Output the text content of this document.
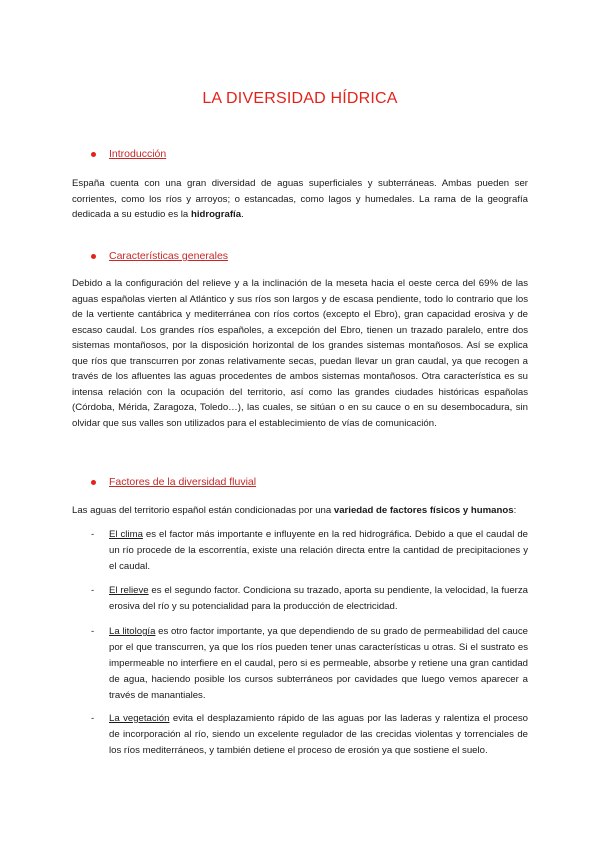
LA DIVERSIDAD HÍDRICA
Introducción
España cuenta con una gran diversidad de aguas superficiales y subterráneas. Ambas pueden ser corrientes, como los ríos y arroyos; o estancadas, como lagos y humedales. La rama de la geografía dedicada a su estudio es la hidrografía.
Características generales
Debido a la configuración del relieve y a la inclinación de la meseta hacia el oeste cerca del 69% de las aguas españolas vierten al Atlántico y sus ríos son largos y de escasa pendiente, todo lo contrario que los de la vertiente cantábrica y mediterránea con ríos cortos (excepto el Ebro), gran capacidad erosiva y de escaso caudal. Los grandes ríos españoles, a excepción del Ebro, tienen un trazado paralelo, entre dos sistemas montañosos, por la disposición horizontal de los grandes sistemas montañosos. Así se explica que ríos que transcurren por zonas relativamente secas, puedan llevar un gran caudal, ya que recogen a través de los afluentes las aguas procedentes de ambos sistemas montañosos. Otra característica es su intensa relación con la ocupación del territorio, así como las grandes ciudades históricas españolas (Córdoba, Mérida, Zaragoza, Toledo…), las cuales, se sitúan o en su cauce o en su desembocadura, sin olvidar que sus valles son utilizados para el establecimiento de vías de comunicación.
Factores de la diversidad fluvial
Las aguas del territorio español están condicionadas por una variedad de factores físicos y humanos:
- El clima es el factor más importante e influyente en la red hidrográfica. Debido a que el caudal de un río procede de la escorrentía, existe una relación directa entre la cantidad de precipitaciones y el caudal.
- El relieve es el segundo factor. Condiciona su trazado, aporta su pendiente, la velocidad, la fuerza erosiva del río y su potencialidad para la producción de electricidad.
- La litología es otro factor importante, ya que dependiendo de su grado de permeabilidad del cauce por el que transcurren, ya que los ríos pueden tener unas características u otras. Si el sustrato es impermeable no interfiere en el caudal, pero si es permeable, absorbe y retiene una gran cantidad de agua, haciendo posible los cursos subterráneos por cavidades que luego vemos aparecer a través de manantiales.
- La vegetación evita el desplazamiento rápido de las aguas por las laderas y ralentiza el proceso de incorporación al río, siendo un excelente regulador de las crecidas violentas y torrenciales de los ríos mediterráneos, y también detiene el proceso de erosión ya que sostiene el suelo.
